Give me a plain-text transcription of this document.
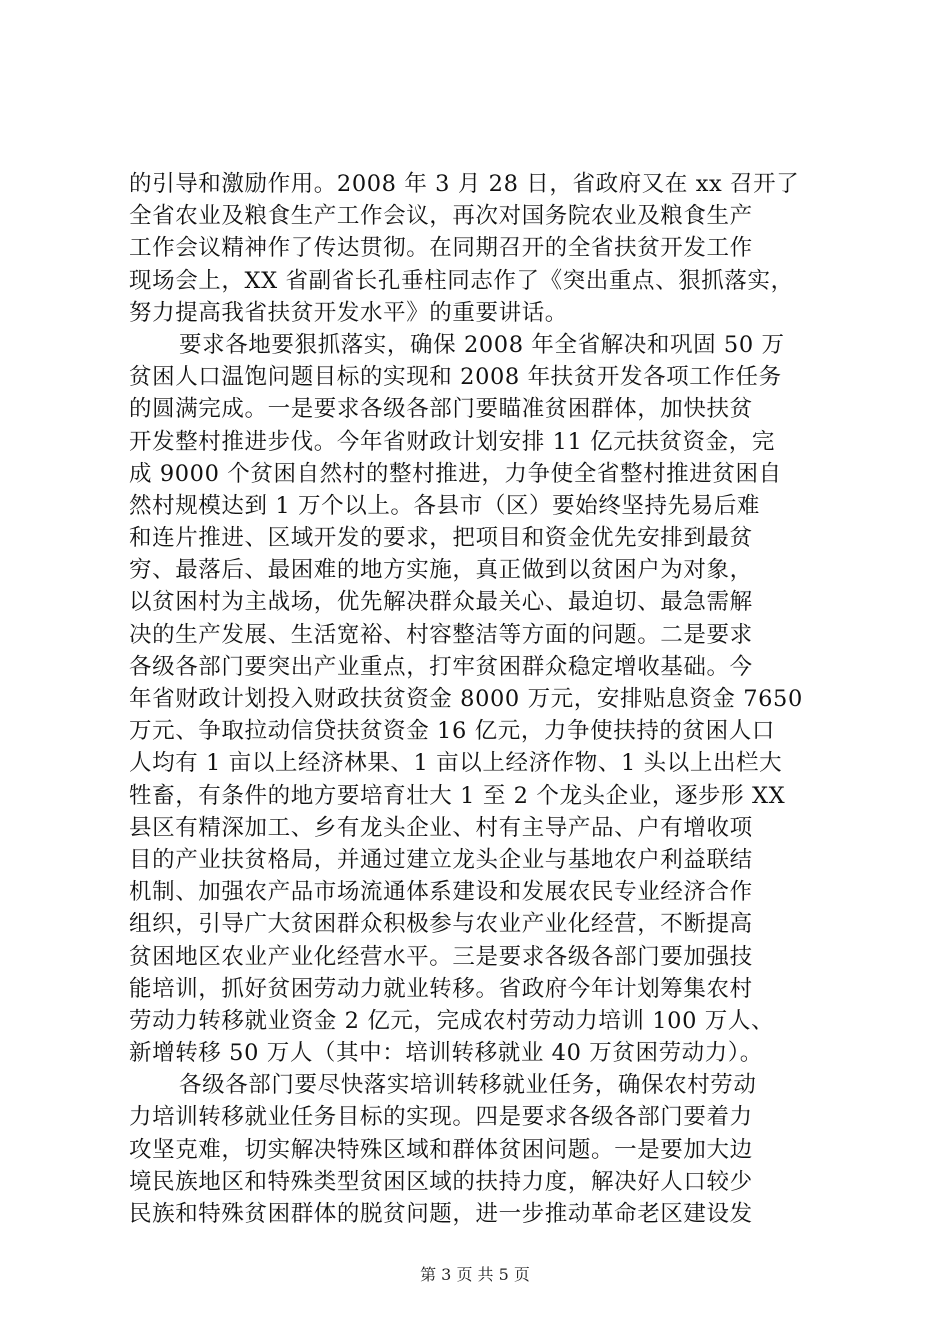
的引导和激励作用。2008 年 3 月 28 日，省政府又在 xx 召开了
全省农业及粮食生产工作会议，再次对国务院农业及粮食生产
工作会议精神作了传达贯彻。在同期召开的全省扶贫开发工作
现场会上，XX 省副省长孔垂柱同志作了《突出重点、狠抓落实，
努力提高我省扶贫开发水平》的重要讲话。
要求各地要狠抓落实，确保 2008 年全省解决和巩固 50 万
贫困人口温饱问题目标的实现和 2008 年扶贫开发各项工作任务
的圆满完成。一是要求各级各部门要瞄准贫困群体，加快扶贫
开发整村推进步伐。今年省财政计划安排 11 亿元扶贫资金，完
成 9000 个贫困自然村的整村推进，力争使全省整村推进贫困自
然村规模达到 1 万个以上。各县市（区）要始终坚持先易后难
和连片推进、区域开发的要求，把项目和资金优先安排到最贫
穷、最落后、最困难的地方实施，真正做到以贫困户为对象，
以贫困村为主战场，优先解决群众最关心、最迫切、最急需解
决的生产发展、生活宽裕、村容整洁等方面的问题。二是要求
各级各部门要突出产业重点，打牢贫困群众稳定增收基础。今
年省财政计划投入财政扶贫资金 8000 万元，安排贴息资金 7650
万元、争取拉动信贷扶贫资金 16 亿元，力争使扶持的贫困人口
人均有 1 亩以上经济林果、1 亩以上经济作物、1 头以上出栏大
牲畜，有条件的地方要培育壮大 1 至 2 个龙头企业，逐步形 XX
县区有精深加工、乡有龙头企业、村有主导产品、户有增收项
目的产业扶贫格局，并通过建立龙头企业与基地农户利益联结
机制、加强农产品市场流通体系建设和发展农民专业经济合作
组织，引导广大贫困群众积极参与农业产业化经营，不断提高
贫困地区农业产业化经营水平。三是要求各级各部门要加强技
能培训，抓好贫困劳动力就业转移。省政府今年计划筹集农村
劳动力转移就业资金 2 亿元，完成农村劳动力培训 100 万人、
新增转移 50 万人（其中：培训转移就业 40 万贫困劳动力）。
各级各部门要尽快落实培训转移就业任务，确保农村劳动
力培训转移就业任务目标的实现。四是要求各级各部门要着力
攻坚克难，切实解决特殊区域和群体贫困问题。一是要加大边
境民族地区和特殊类型贫困区域的扶持力度，解决好人口较少
民族和特殊贫困群体的脱贫问题，进一步推动革命老区建设发
第 3 页 共 5 页
